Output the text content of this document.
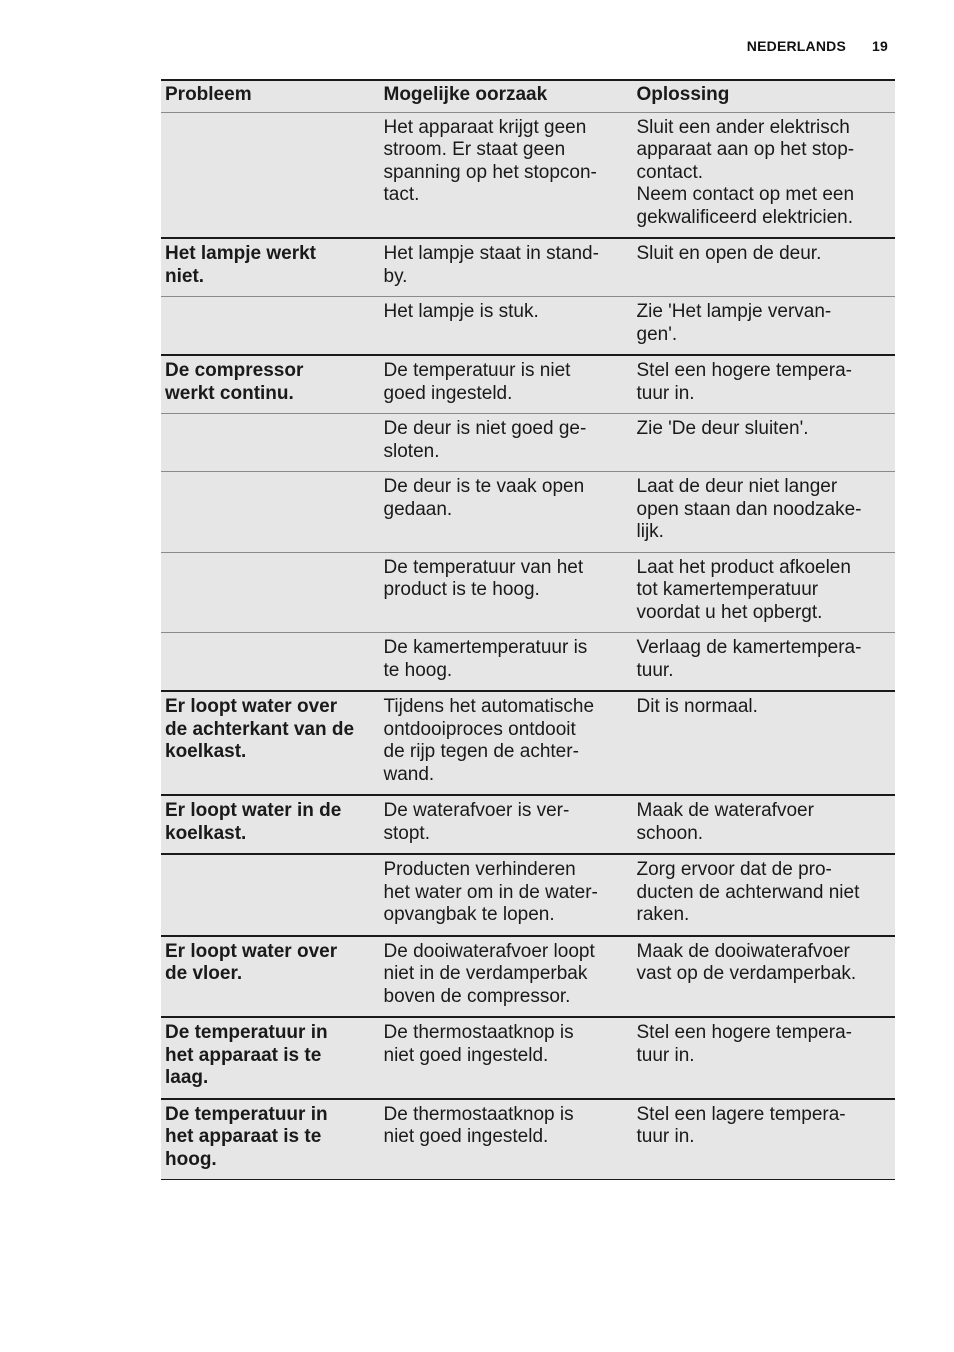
NEDERLANDS 19
Probleem	Mogelijke oorzaak	Oplossing

	Het apparaat krijgt geen
stroom. Er staat geen
spanning op het stopcon-
tact.	Sluit een ander elektrisch
apparaat aan op het stop-
contact.
Neem contact op met een
gekwalificeerd elektricien.

Het lampje werkt
niet.	Het lampje staat in stand-
by.	Sluit en open de deur.

	Het lampje is stuk.	Zie 'Het lampje vervan-
gen'.

De compressor
werkt continu.	De temperatuur is niet
goed ingesteld.	Stel een hogere tempera-
tuur in.

	De deur is niet goed ge-
sloten.	Zie 'De deur sluiten'.

	De deur is te vaak open
gedaan.	Laat de deur niet langer
open staan dan noodzake-
lijk.

	De temperatuur van het
product is te hoog.	Laat het product afkoelen
tot kamertemperatuur
voordat u het opbergt.

	De kamertemperatuur is
te hoog.	Verlaag de kamertempera-
tuur.

Er loopt water over
de achterkant van de
koelkast.	Tijdens het automatische
ontdooiproces ontdooit
de rijp tegen de achter-
wand.	Dit is normaal.

Er loopt water in de
koelkast.	De waterafvoer is ver-
stopt.	Maak de waterafvoer
schoon.

	Producten verhinderen
het water om in de water-
opvangbak te lopen.	Zorg ervoor dat de pro-
ducten de achterwand niet
raken.

Er loopt water over
de vloer.	De dooiwaterafvoer loopt
niet in de verdamperbak
boven de compressor.	Maak de dooiwaterafvoer
vast op de verdamperbak.

De temperatuur in
het apparaat is te
laag.	De thermostaatknop is
niet goed ingesteld.	Stel een hogere tempera-
tuur in.

De temperatuur in
het apparaat is te
hoog.	De thermostaatknop is
niet goed ingesteld.	Stel een lagere tempera-
tuur in.
